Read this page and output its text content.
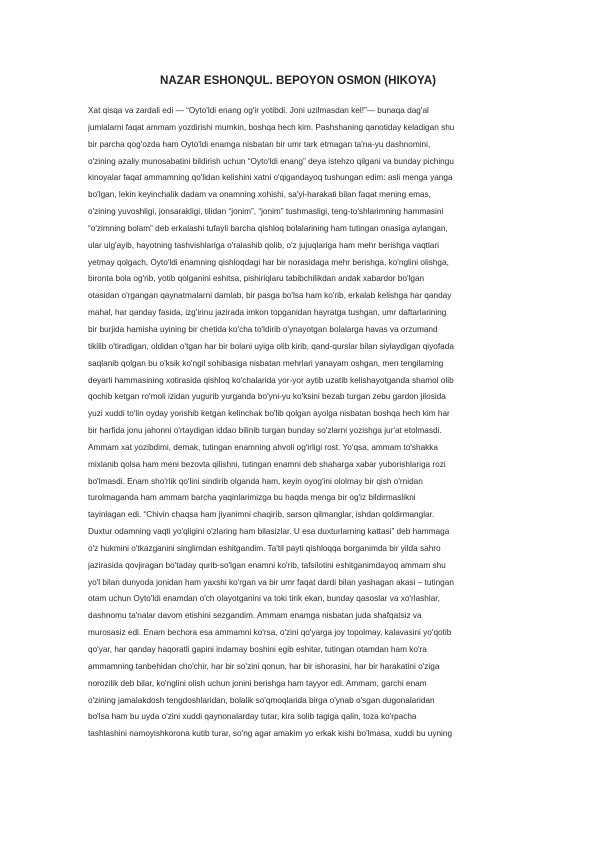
NAZAR ESHONQUL. BEPOYON OSMON (HIKOYA)
Xat qisqa va zardali edi — “Oyto'ldi enang og'ir yotibdi. Joni uzilmasdan kel!”— bunaqa dag'al
jumlalarni faqat ammam yozdirishi mumkin, boshqa hech kim. Pashshaning qanotiday keladigan shu
bir parcha qog'ozda ham Oyto'ldi enamga nisbatan bir umr tark etmagan ta'na-yu dashnomini,
o'zining azaliy munosabatini bildirish uchun “Oyto'ldi enang” deya istehzo qilgani va bunday pichingu
kinoyalar faqat ammamning qo'lidan kelishini xatni o'qigandayoq tushungan edim: asli menga yanga
bo'lgan, lekin keyinchalik dadam va onamning xohishi, sa'yi-harakati bilan faqat mening emas,
o'zining yuvoshligi, jonsarakligi, tilidan “jonim”, “jonim” tushmasligi, teng-to'shlarimning hammasini
“o'zimning bolam” deb erkalashi tufayli barcha qishloq bolalarining ham tutingan onasiga aylangan,
ular ulg'ayib, hayotning tashvishlariga o'ralashib qolib, o'z jujuqlariga ham mehr berishga vaqtlari
yetmay qolgach, Oyto'ldi enamning qishloqdagi har bir norasidaga mehr berishga, ko'nglini olishga,
bironta bola og'rib, yotib qolganini eshitsa, pishiriqlaru tabibchilikdan andak xabardor bo'lgan
otasidan o'rgangan qaynatmalarni damlab, bir pasga bo'lsa ham ko'rib, erkalab kelishga har qanday
mahal, har qanday fasida, izg'irinu jazirada imkon topganidan hayratga tushgan, umr daftarlarining
bir burjida hamisha uyining bir chetida ko'cha to'ldirib o'ynayotgan bolalarga havas va orzumand
tikilib o'tiradigan, oldidan o'tgan har bir bolani uyiga olib kirib, qand-qurslar bilan siylaydigan qiyofada
saqlanib qolgan bu o'ksik ko'ngil sohibasiga nisbatan mehrlari yanayam oshgan, men tengilarning
deyarli hammasining xotirasida qishloq ko'chalarida yor-yor aytib uzatib kelishayotganda shamol olib
qochib ketgan ro'moli izidan yugurib yurganda bo'yni-yu ko'ksini bezab turgan zebu gardon jilosida
yuzi xuddi to'lin oyday yorishib ketgan kelinchak bo'lib qolgan ayolga nisbatan boshqa hech kim har
bir harfida jonu jahonni o'rtaydigan iddao bilinib turgan bunday so'zlarni yozishga jur'at etolmasdi.
Ammam xat yozibdimi, demak, tutingan enamning ahvoli og'irligi rost. Yo'qsa, ammam to'shakka
mixlanib qolsa ham meni bezovta qilishni, tutingan enamni deb shaharga xabar yuborishlariga rozi
bo'lmasdi. Enam sho'rlik qo'lini sindirib olganda ham, keyin oyog'ini ololmay bir qish o'rnidan
turolmaganda ham ammam barcha yaqinlarimizga bu haqda menga bir og'iz bildirmaslikni
tayinlagan edi. “Chivin chaqsa ham jiyanimni chaqirib, sarson qilmanglar, ishdan qoldirmanglar.
Duxtur odamning vaqti yo'qligini o'zlaring ham bilasizlar. U esa duxturlarning kattasi” deb hammaga
o'z hukmini o'tkazganini singlimdan eshitgandim. Ta'til payti qishloqqa borganimda bir yilda sahro
jazirasida qovjiragan bo'taday qurib-so'lgan enamni ko'rib, tafsilotini eshitganimdayoq ammam shu
yo'l bilan dunyoda jonidan ham yaxshi ko'rgan va bir umr faqat dardi bilan yashagan akasi – tutingan
otam uchun Oyto'ldi enamdan o'ch olayotganini va toki tirik ekan, bunday qasoslar va xo'rlashlar,
dashnomu ta'nalar davom etishini sezgandim. Ammam enamga nisbatan juda shafqatsiz va
murosasiz edi. Enam bechora esa ammamni ko'rsa, o'zini qo'yarga joy topolmay, kalavasini yo'qotib
qo'yar, har qanday haqoratli gapini indamay boshini egib eshitar, tutingan otamdan ham ko'ra
ammamning tanbehidan cho'chir, har bir so'zini qonun, har bir ishorasini, har bir harakatini o'ziga
norozilik deb bilar, ko'nglini olish uchun jonini berishga ham tayyor edi. Ammam, garchi enam
o'zining jamalakdosh tengdoshlaridan, bolalik so'qmoqlarida birga o'ynab o'sgan dugonalaridan
bo'lsa ham bu uyda o'zini xuddi qaynonalarday tutar, kira solib tagiga qalin, toza ko'rpacha
tashlashini namoyishkorona kutib turar, so'ng agar amakim yo erkak kishi bo'lmasa, xuddi bu uyning
